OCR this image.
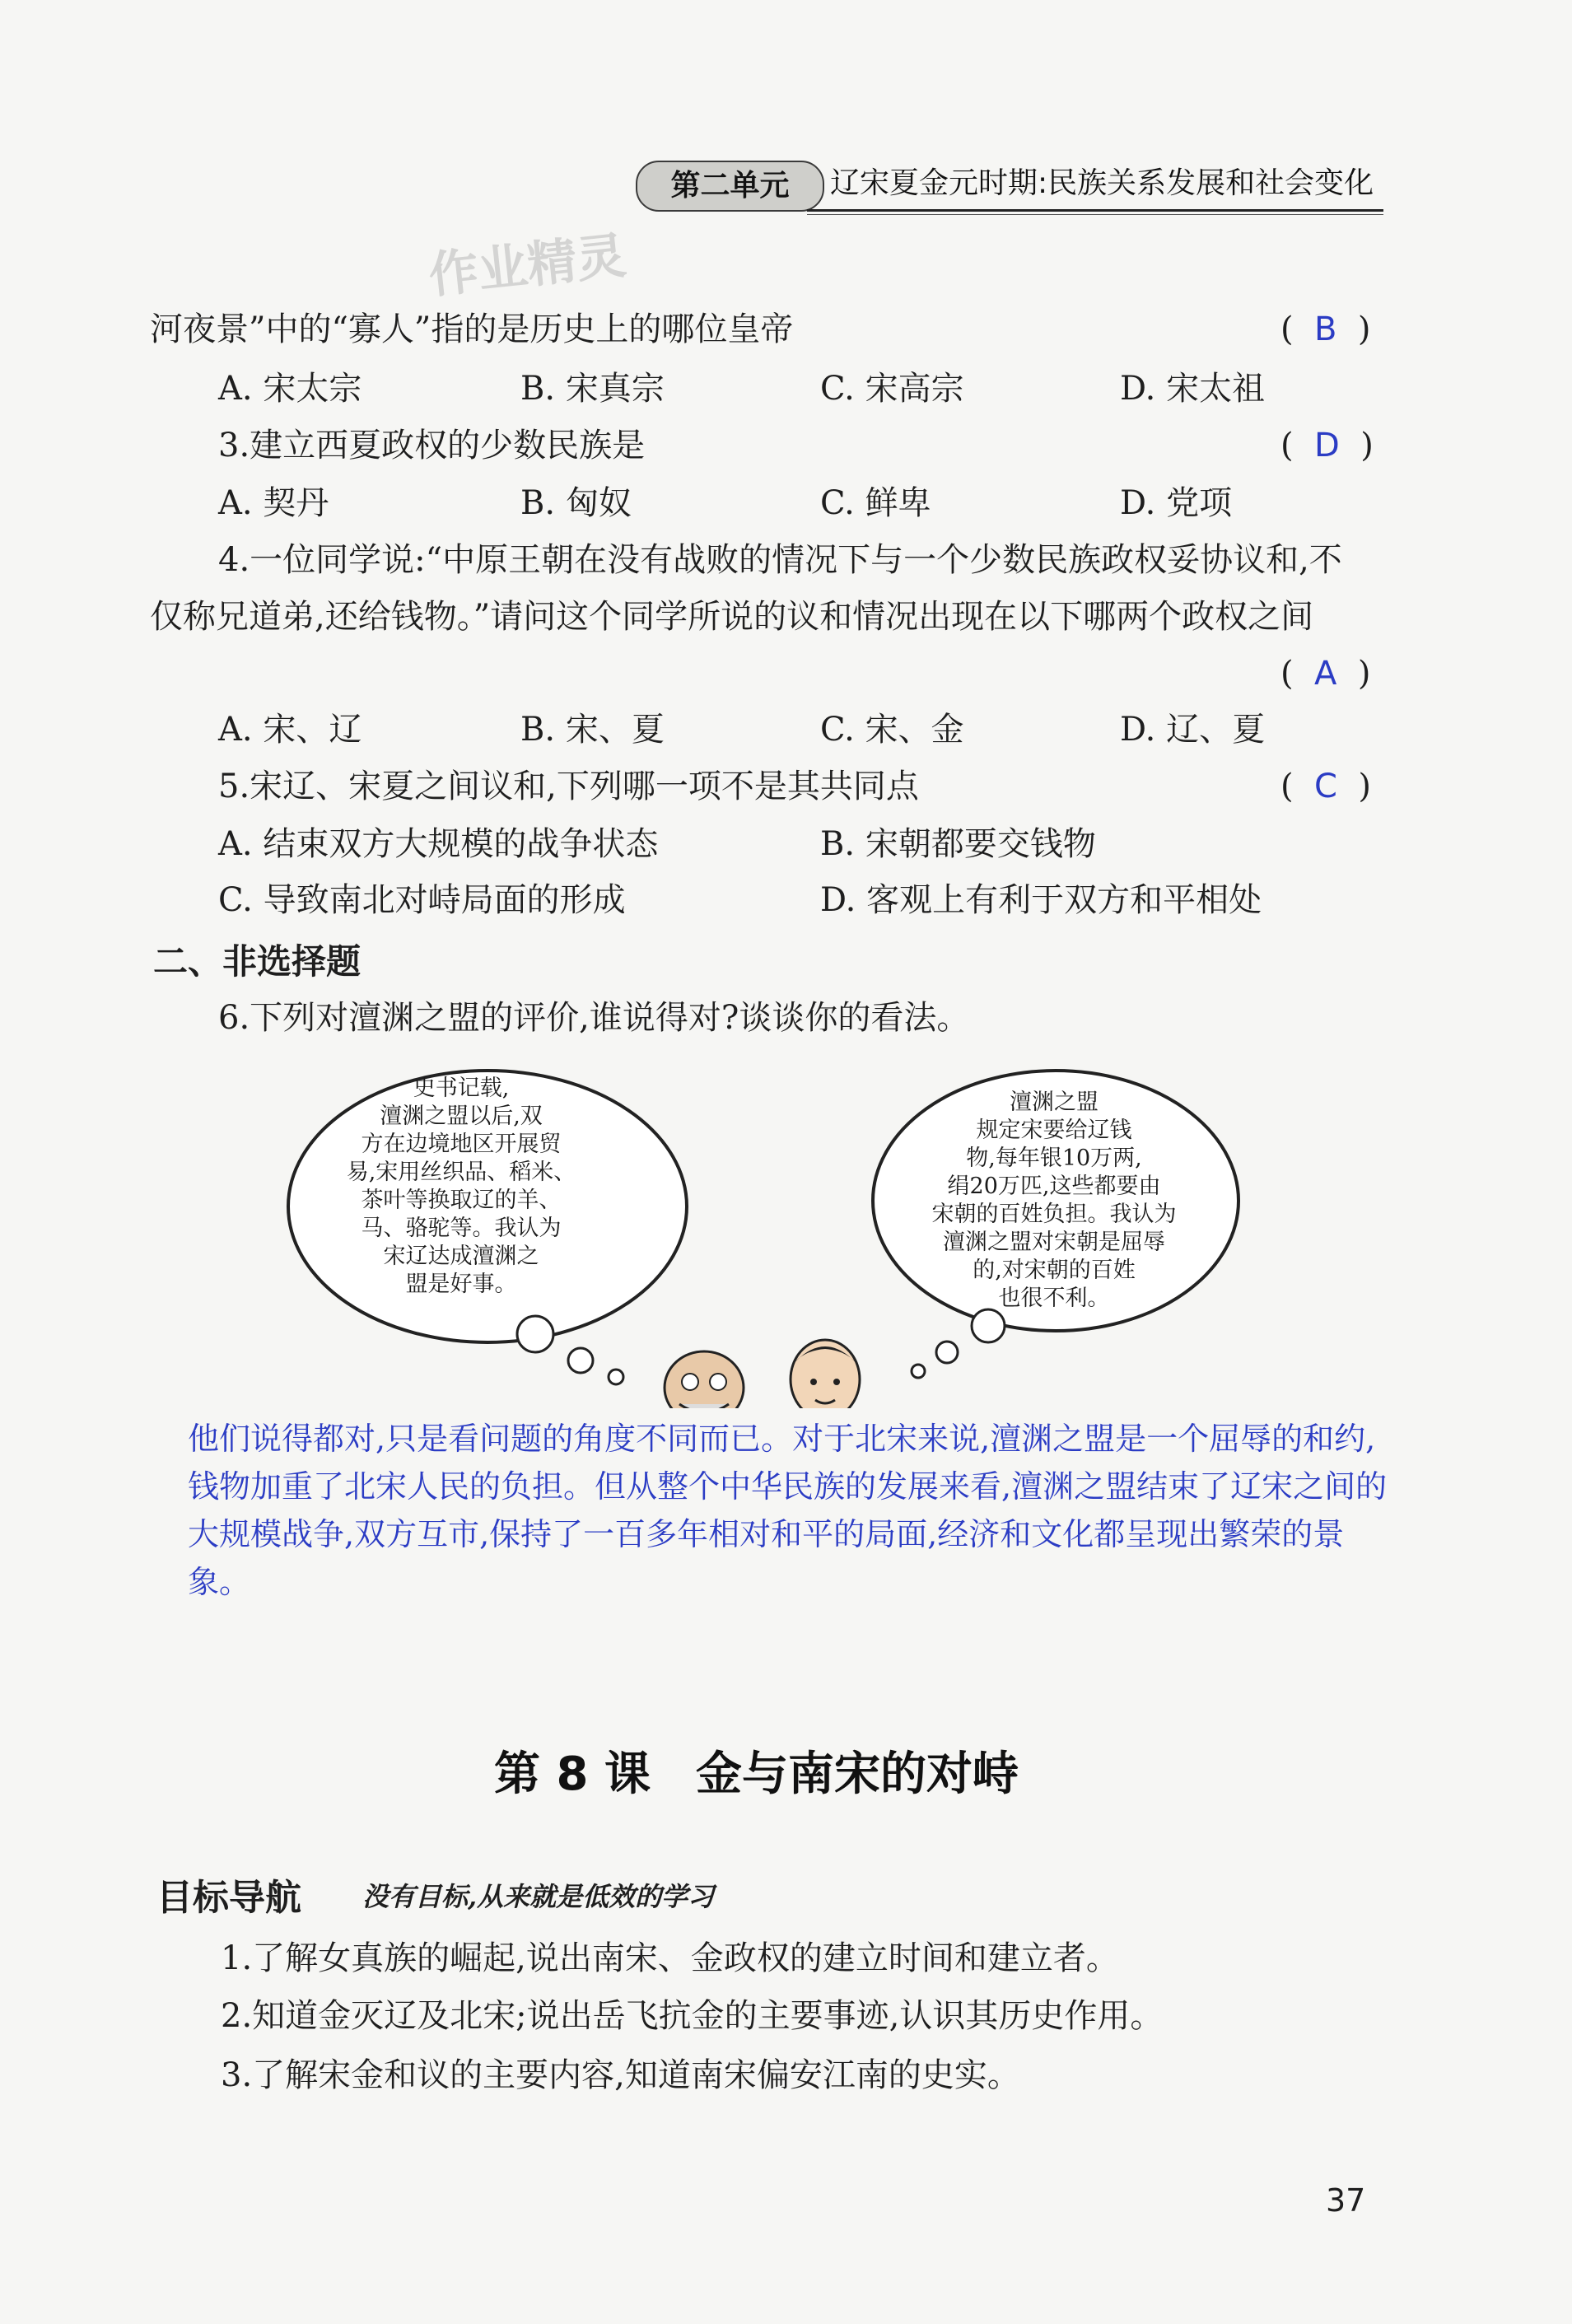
第二单元	辽宋夏金元时期:民族关系发展和社会变化
作业精灵
河夜景”中的“寡人”指的是历史上的哪位皇帝	(  B  )
A. 宋太宗	B. 宋真宗	C. 宋高宗	D. 宋太祖
3.建立西夏政权的少数民族是	(  D  )
A. 契丹	B. 匈奴	C. 鲜卑	D. 党项
4.一位同学说:“中原王朝在没有战败的情况下与一个少数民族政权妥协议和,不
仅称兄道弟,还给钱物。”请问这个同学所说的议和情况出现在以下哪两个政权之间
(  A  )
A. 宋、辽	B. 宋、夏	C. 宋、金	D. 辽、夏
5.宋辽、宋夏之间议和,下列哪一项不是其共同点	(  C  )
A. 结束双方大规模的战争状态	B. 宋朝都要交钱物
C. 导致南北对峙局面的形成	D. 客观上有利于双方和平相处
二、非选择题
6.下列对澶渊之盟的评价,谁说得对?谈谈你的看法。
史书记载,
澶渊之盟以后,双
方在边境地区开展贸
易,宋用丝织品、稻米、
茶叶等换取辽的羊、
马、骆驼等。我认为
宋辽达成澶渊之
盟是好事。
澶渊之盟
规定宋要给辽钱
物,每年银10万两,
绢20万匹,这些都要由
宋朝的百姓负担。我认为
澶渊之盟对宋朝是屈辱
的,对宋朝的百姓
也很不利。
他们说得都对,只是看问题的角度不同而已。对于北宋来说,澶渊之盟是一个屈辱的和约,
钱物加重了北宋人民的负担。但从整个中华民族的发展来看,澶渊之盟结束了辽宋之间的
大规模战争,双方互市,保持了一百多年相对和平的局面,经济和文化都呈现出繁荣的景
象。
第 8 课 金与南宋的对峙
目标导航 没有目标,从来就是低效的学习
1.了解女真族的崛起,说出南宋、金政权的建立时间和建立者。
2.知道金灭辽及北宋;说出岳飞抗金的主要事迹,认识其历史作用。
3.了解宋金和议的主要内容,知道南宋偏安江南的史实。
37
